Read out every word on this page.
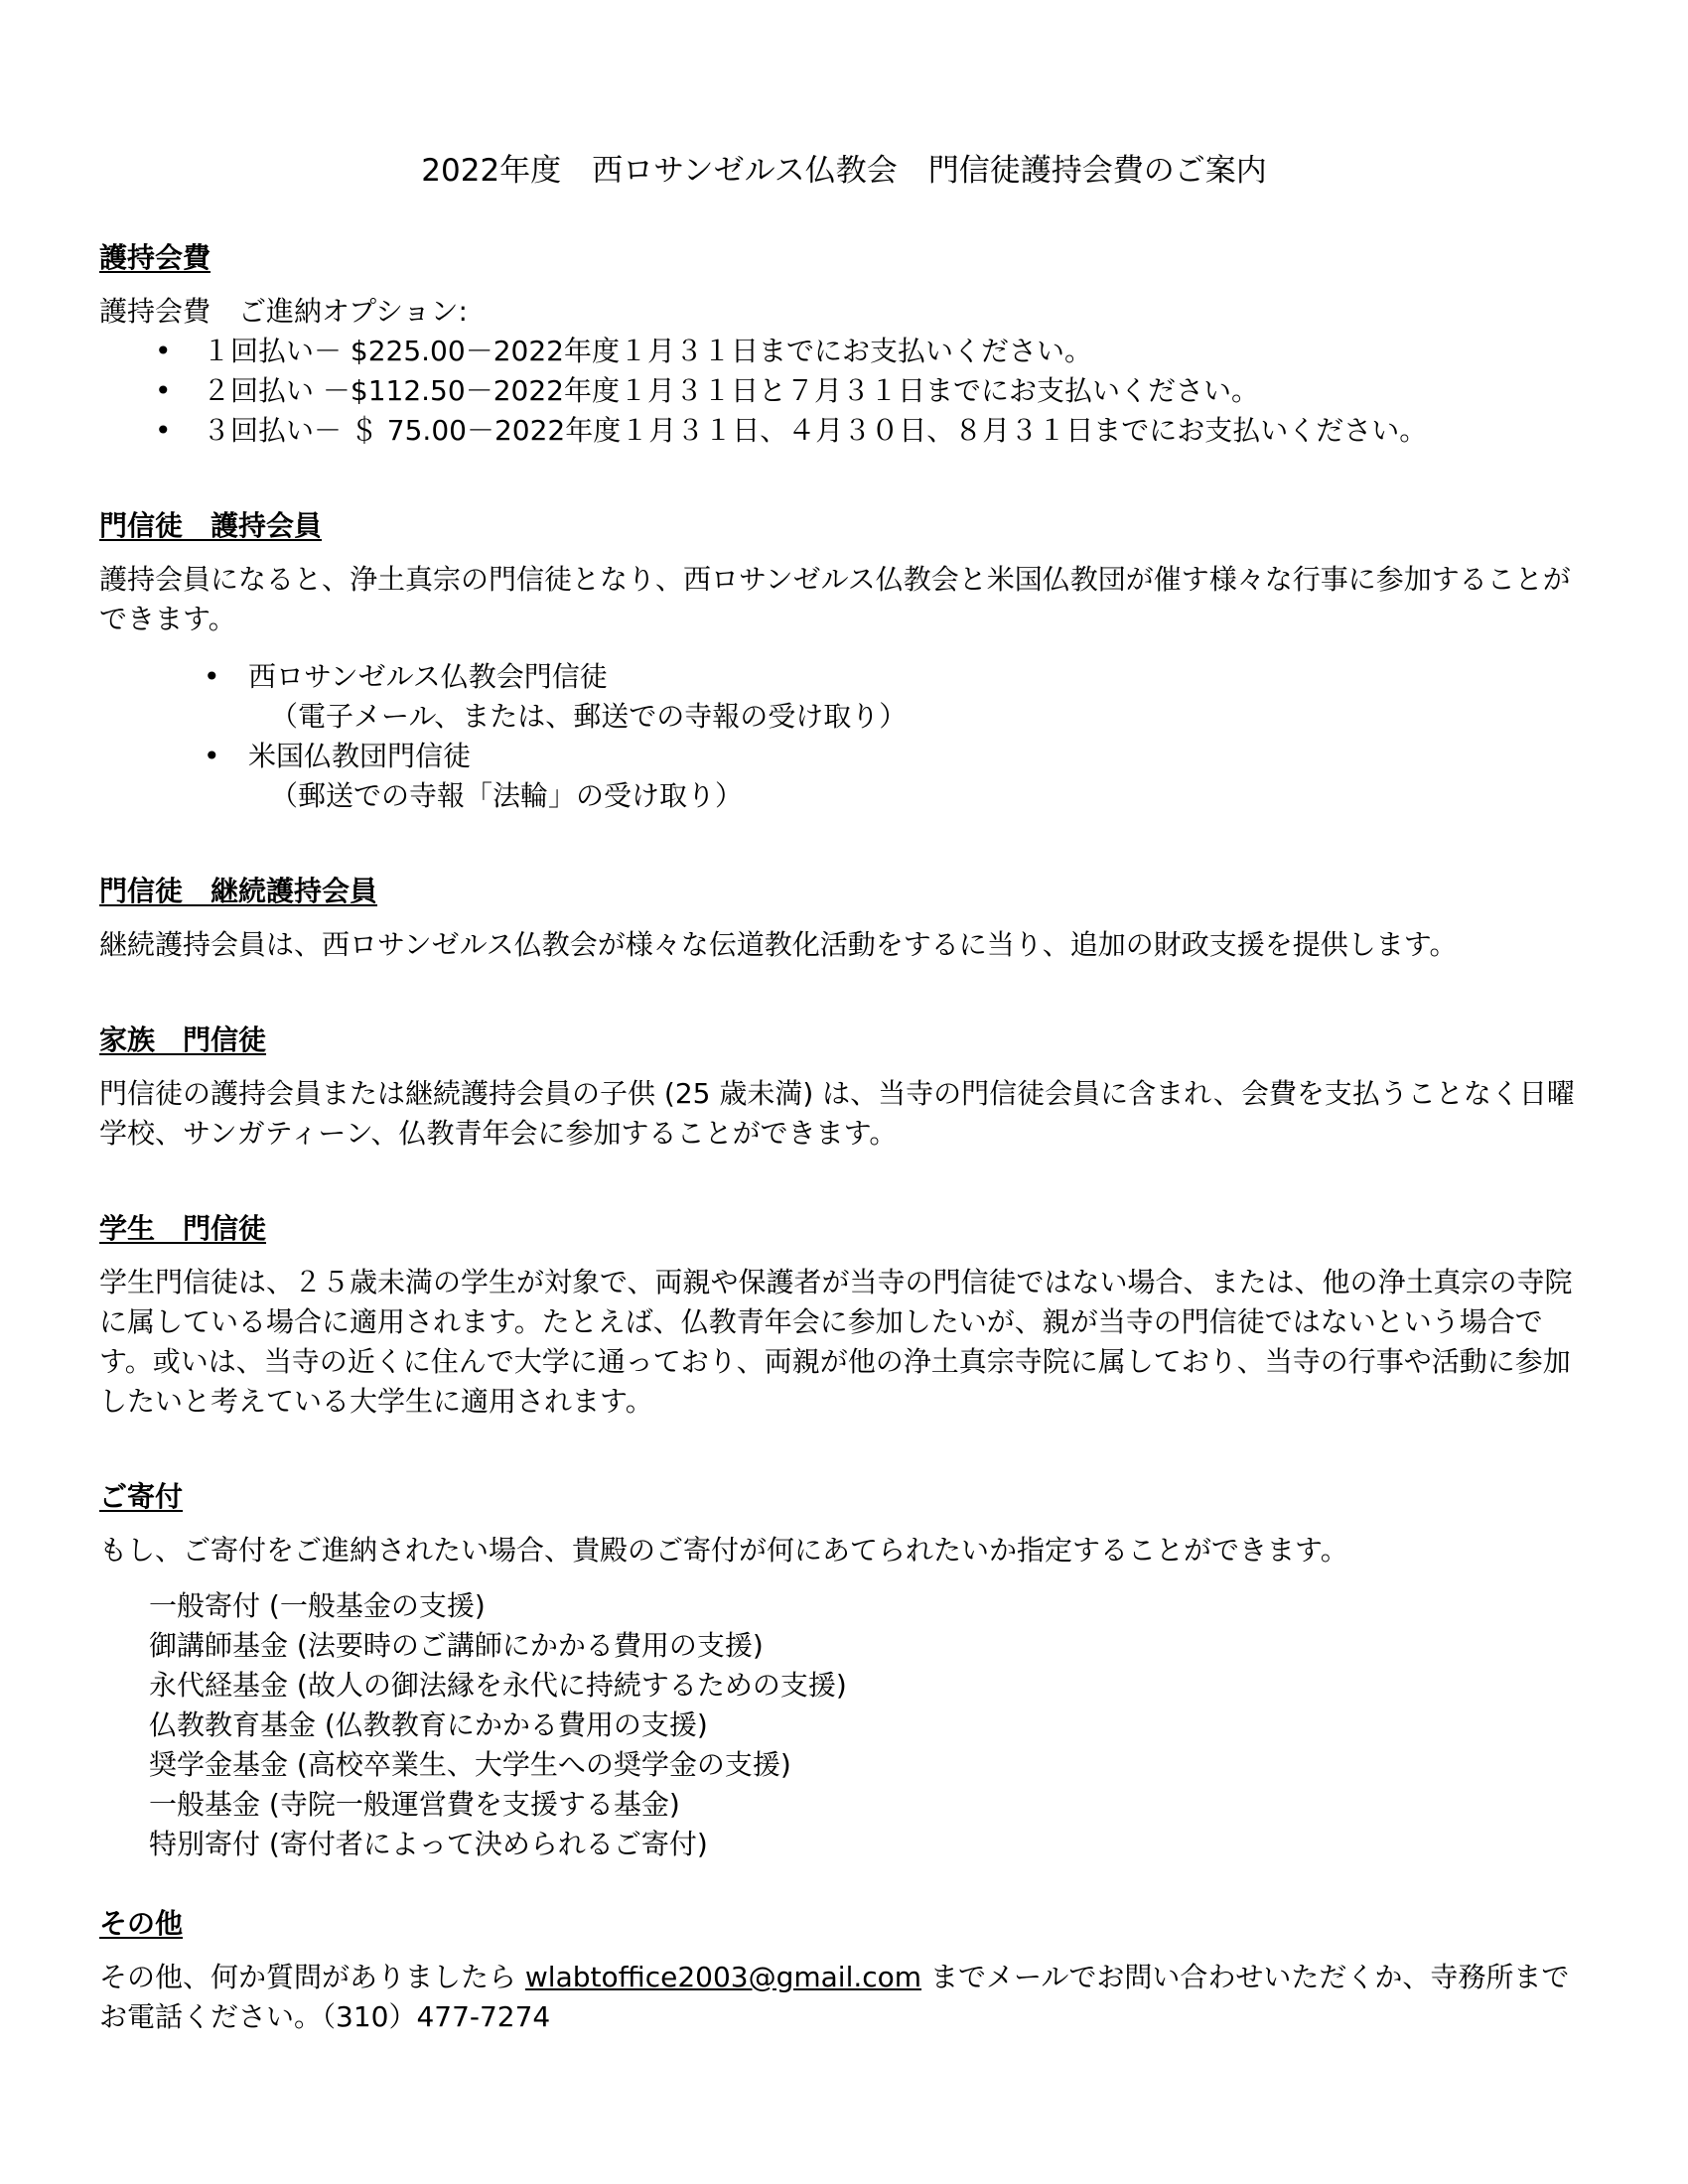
2022年度　西ロサンゼルス仏教会　門信徒護持会費のご案内
護持会費
護持会費　ご進納オプション:
• １回払い－ $225.00－2022年度１月３１日までにお支払いください。
• ２回払い －$112.50－2022年度１月３１日と７月３１日までにお支払いください。
• ３回払い－ ＄ 75.00－2022年度１月３１日、４月３０日、８月３１日までにお支払いください。
門信徒　護持会員
護持会員になると、浄土真宗の門信徒となり、西ロサンゼルス仏教会と米国仏教団が催す様々な行事に参加することができます。
• 西ロサンゼルス仏教会門信徒
（電子メール、または、郵送での寺報の受け取り）
• 米国仏教団門信徒
（郵送での寺報「法輪」の受け取り）
門信徒　継続護持会員
継続護持会員は、西ロサンゼルス仏教会が様々な伝道教化活動をするに当り、追加の財政支援を提供します。
家族　門信徒
門信徒の護持会員または継続護持会員の子供 (25 歳未満) は、当寺の門信徒会員に含まれ、会費を支払うことなく日曜学校、サンガティーン、仏教青年会に参加することができます。
学生　門信徒
学生門信徒は、２５歳未満の学生が対象で、両親や保護者が当寺の門信徒ではない場合、または、他の浄土真宗の寺院に属している場合に適用されます。たとえば、仏教青年会に参加したいが、親が当寺の門信徒ではないという場合です。或いは、当寺の近くに住んで大学に通っており、両親が他の浄土真宗寺院に属しており、当寺の行事や活動に参加したいと考えている大学生に適用されます。
ご寄付
もし、ご寄付をご進納されたい場合、貴殿のご寄付が何にあてられたいか指定することができます。
一般寄付 (一般基金の支援)
御講師基金 (法要時のご講師にかかる費用の支援)
永代経基金 (故人の御法縁を永代に持続するための支援)
仏教教育基金 (仏教教育にかかる費用の支援)
奨学金基金 (高校卒業生、大学生への奨学金の支援)
一般基金 (寺院一般運営費を支援する基金)
特別寄付 (寄付者によって決められるご寄付)
その他
その他、何か質問がありましたら wlabtoffice2003@gmail.com までメールでお問い合わせいただくか、寺務所までお電話ください。（310）477-7274
